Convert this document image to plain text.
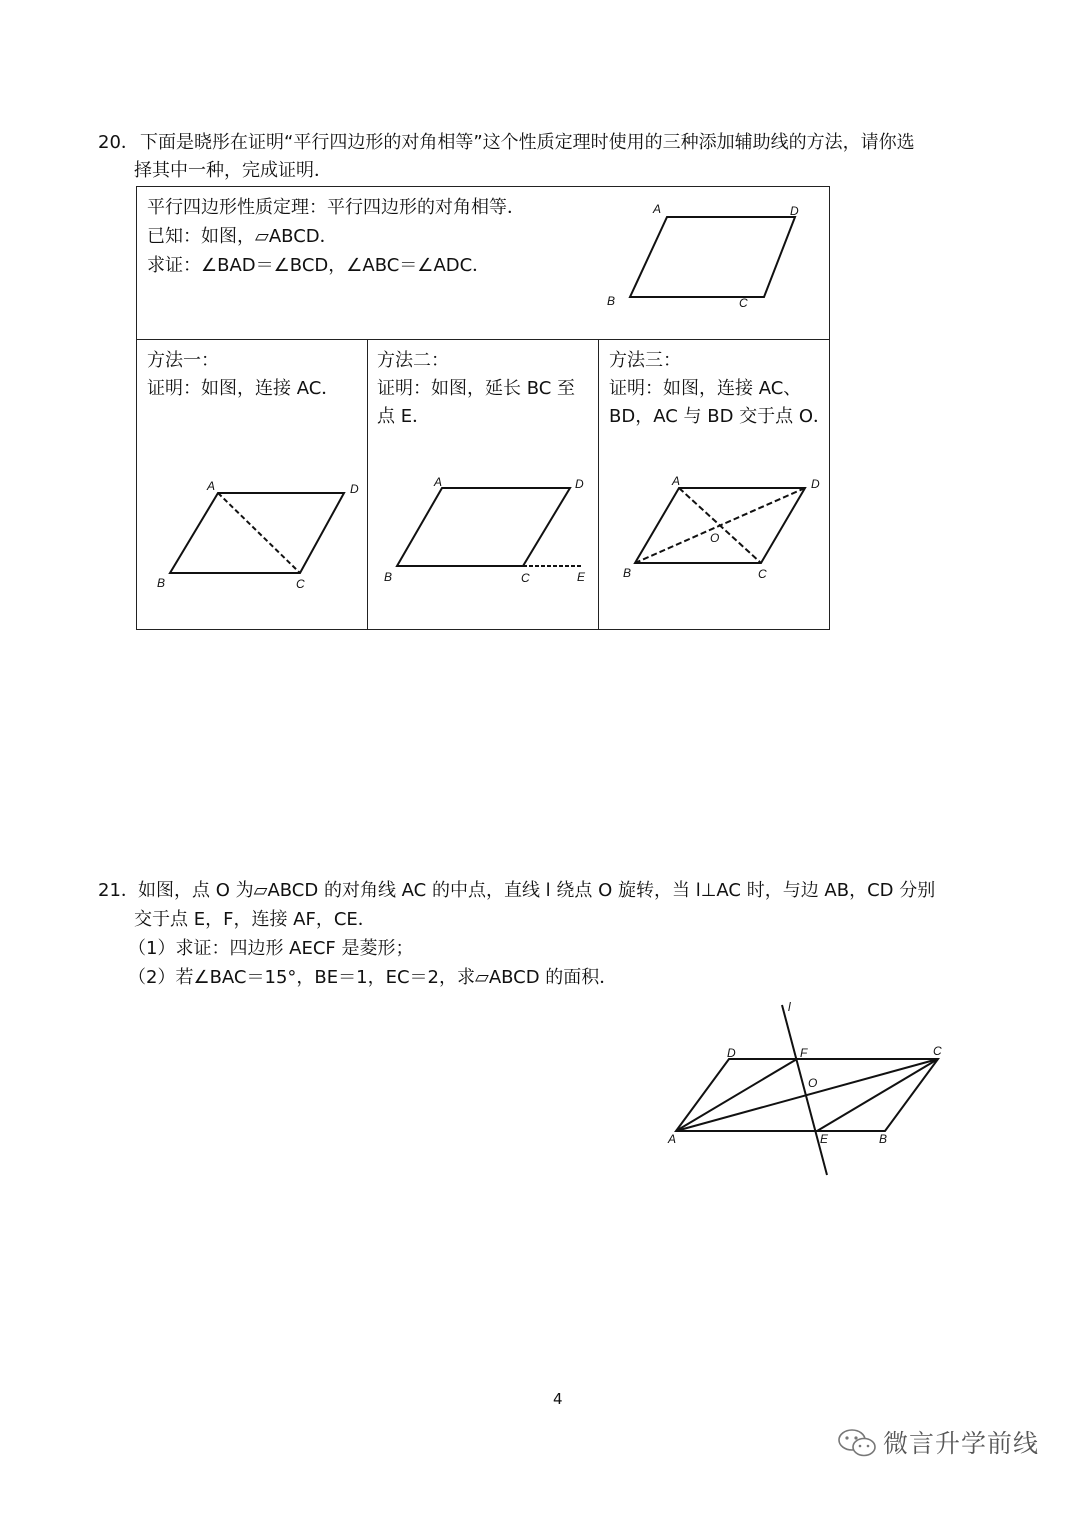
20． 下面是晓彤在证明“平行四边形的对角相等”这个性质定理时使用的三种添加辅助线的方法，请你选
择其中一种，完成证明．
平行四边形性质定理：平行四边形的对角相等．
已知：如图，▱ABCD．
求证：∠BAD＝∠BCD，∠ABC＝∠ADC．
A	D
B	C

方法一：
证明：如图，连接 AC．
A	D
B	C

方法二：
证明：如图，延长 BC 至
点 E．
A	D
B	C	E

方法三：
证明：如图，连接 AC、
BD，AC 与 BD 交于点 O．
A	D
O
B	C
21． 如图，点 O 为▱ABCD 的对角线 AC 的中点，直线 l 绕点 O 旋转，当 l⊥AC 时，与边 AB，CD 分别
交于点 E，F，连接 AF，CE．
（1）求证：四边形 AECF 是菱形；
（2）若∠BAC＝15°，BE＝1，EC＝2，求▱ABCD 的面积．
l
D	F	C
O
A	E	B
4
微言升学前线
